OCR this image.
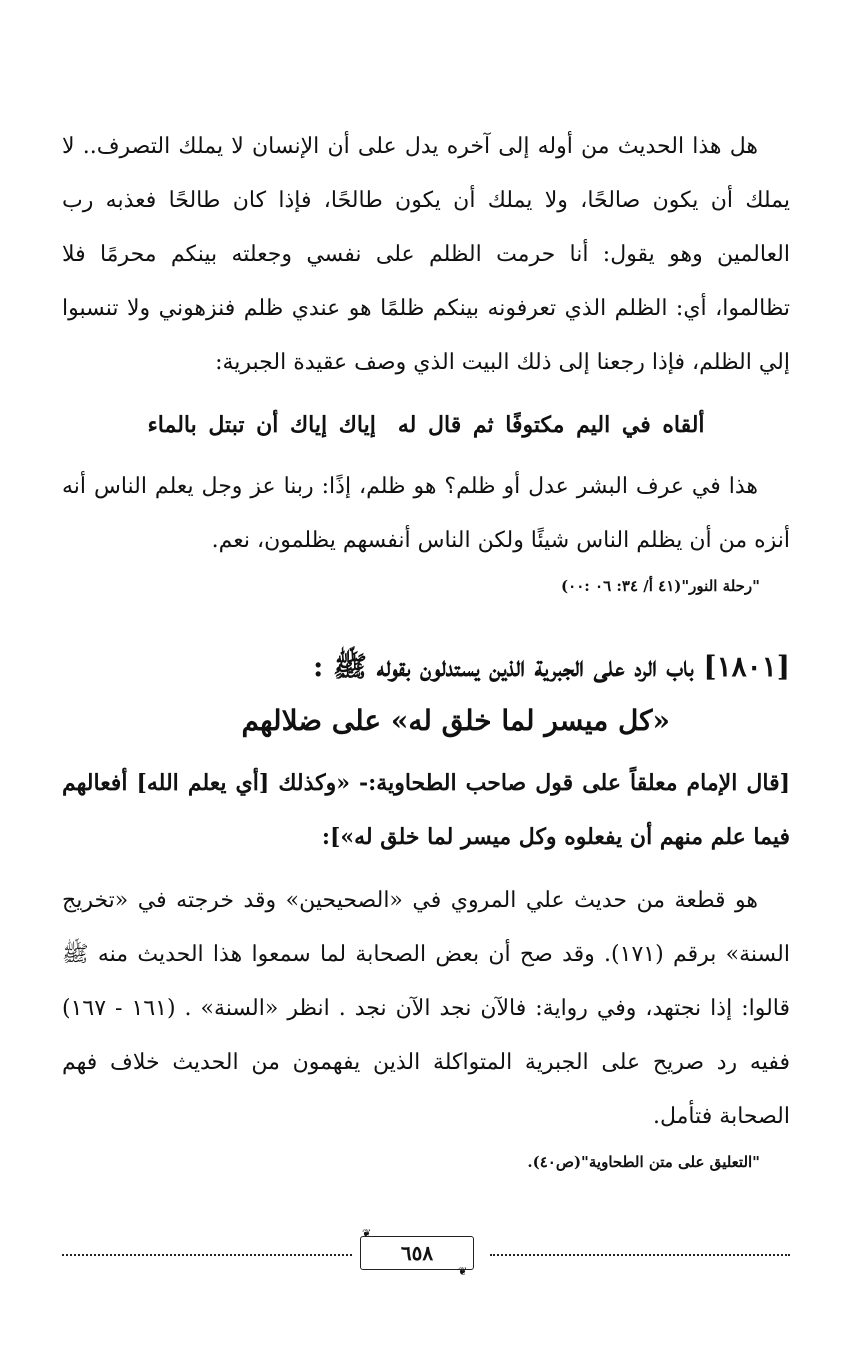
هل هذا الحديث من أوله إلى آخره يدل على أن الإنسان لا يملك التصرف.. لا يملك أن يكون صالحًا، ولا يملك أن يكون طالحًا، فإذا كان طالحًا فعذبه رب العالمين وهو يقول: أنا حرمت الظلم على نفسي وجعلته بينكم محرمًا فلا تظالموا، أي: الظلم الذي تعرفونه بينكم ظلمًا هو عندي ظلم فنزهوني ولا تنسبوا إلي الظلم، فإذا رجعنا إلى ذلك البيت الذي وصف عقيدة الجبرية:

ألقاه في اليم مكتوفًا ثم قال لهإياك إياك أن تبتل بالماء

هذا في عرف البشر عدل أو ظلم؟ هو ظلم، إذًا: ربنا عز وجل يعلم الناس أنه أنزه من أن يظلم الناس شيئًا ولكن الناس أنفسهم يظلمون، نعم.

"رحلة النور"(٤١ أ/ ٣٤: ٠٦ :٠٠)
[١٨٠١] باب الرد على الجبرية الذين يستدلون بقوله ﷺ :
«كل ميسر لما خلق له» على ضلالهم

[قال الإمام معلقاً على قول صاحب الطحاوية:- «وكذلك [أي يعلم الله] أفعالهم فيما علم منهم أن يفعلوه وكل ميسر لما خلق له»]:

هو قطعة من حديث علي المروي في «الصحيحين» وقد خرجته في «تخريج السنة» برقم (١٧١). وقد صح أن بعض الصحابة لما سمعوا هذا الحديث منه ﷺ قالوا: إذا نجتهد، وفي رواية: فالآن نجد الآن نجد . انظر «السنة» . (١٦١ - ١٦٧) ففيه رد صريح على الجبرية المتواكلة الذين يفهمون من الحديث خلاف فهم الصحابة فتأمل.

"التعليق على متن الطحاوية"(ص٤٠).
❦
٦٥٨
❦
